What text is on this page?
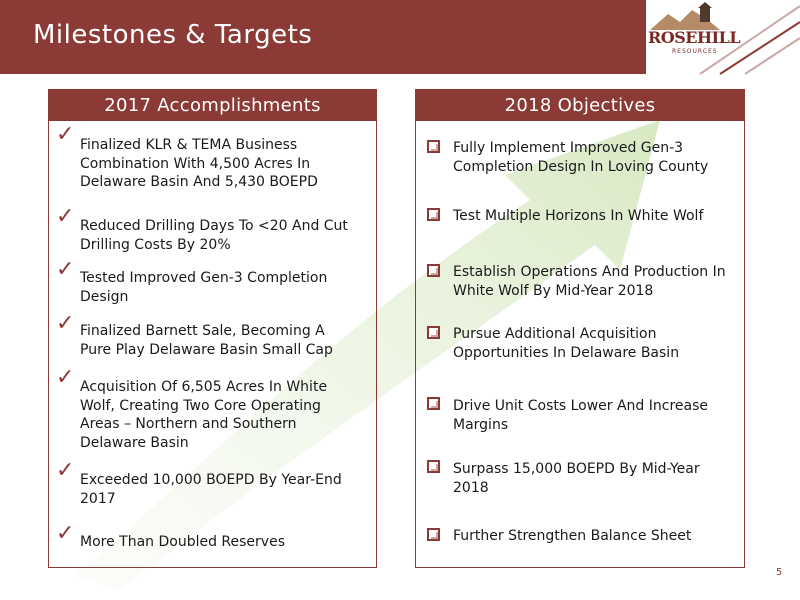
Milestones & Targets	ROSEHILL
RESOURCES
2017 Accomplishments
✓ Finalized KLR & TEMA Business Combination With 4,500 Acres In Delaware Basin And 5,430 BOEPD
✓ Reduced Drilling Days To <20 And Cut Drilling Costs By 20%
✓ Tested Improved Gen-3 Completion Design
✓ Finalized Barnett Sale, Becoming A Pure Play Delaware Basin Small Cap
✓ Acquisition Of 6,505 Acres In White Wolf, Creating Two Core Operating Areas – Northern and Southern Delaware Basin
✓ Exceeded 10,000 BOEPD By Year-End 2017
✓ More Than Doubled Reserves
2018 Objectives
Fully Implement Improved Gen-3 Completion Design In Loving County
Test Multiple Horizons In White Wolf
Establish Operations And Production In White Wolf By Mid-Year 2018
Pursue Additional Acquisition Opportunities In Delaware Basin
Drive Unit Costs Lower And Increase Margins
Surpass 15,000 BOEPD By Mid-Year 2018
Further Strengthen Balance Sheet
5
